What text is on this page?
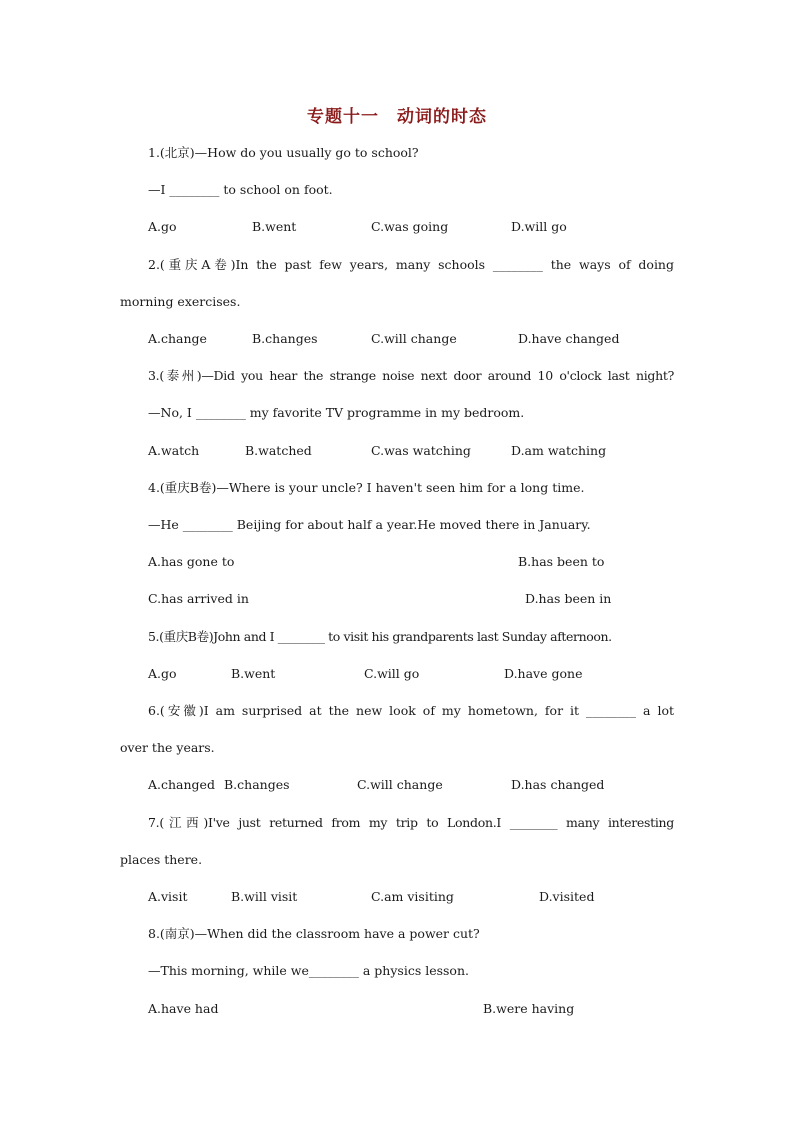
专题十一　动词的时态
1.(北京)—How do you usually go to school?
—I ________ to school on foot.
A.go	B.went	C.was going	D.will go
2.(重庆A卷)In the past few years, many schools ________ the ways of doing
morning exercises.
A.change	B.changes	C.will change	D.have changed
3.(泰州)—Did you hear the strange noise next door around 10 o'clock last night?
—No, I ________ my favorite TV programme in my bedroom.
A.watch	B.watched	C.was watching	D.am watching
4.(重庆B卷)—Where is your uncle? I haven't seen him for a long time.
—He ________ Beijing for about half a year.He moved there in January.
A.has gone to	B.has been to
C.has arrived in	D.has been in
5.(重庆B卷)John and I ________ to visit his grandparents last Sunday afternoon.
A.go	B.went	C.will go	D.have gone
6.(安徽)I am surprised at the new look of my hometown, for it ________ a lot
over the years.
A.changed B.changes	C.will change	D.has changed
7.(江西)I've just returned from my trip to London.I ________ many interesting
places there.
A.visit	B.will visit	C.am visiting	D.visited
8.(南京)—When did the classroom have a power cut?
—This morning, while we________ a physics lesson.
A.have had	B.were having
